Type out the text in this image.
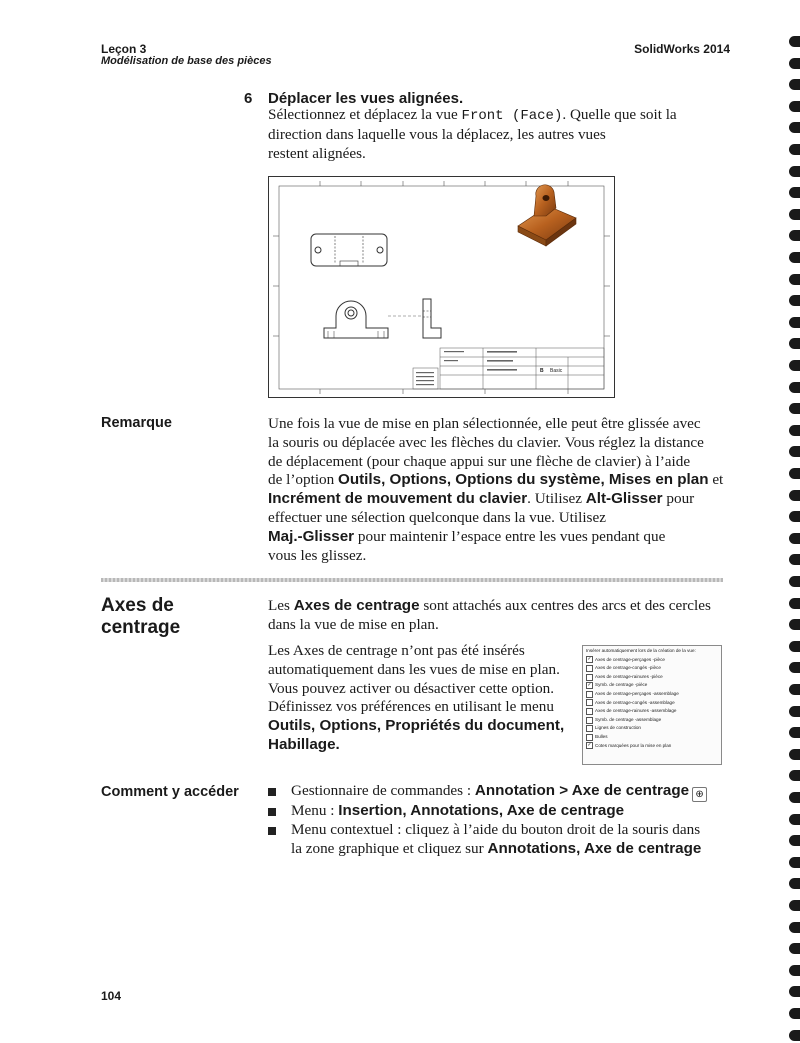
Leçon 3
Modélisation de base des pièces
SolidWorks 2014
6 Déplacer les vues alignées.
Sélectionnez et déplacez la vue Front (Face). Quelle que soit la
direction dans laquelle vous la déplacez, les autres vues
restent alignées.
B Basic
Remarque	Une fois la vue de mise en plan sélectionnée, elle peut être glissée avec
la souris ou déplacée avec les flèches du clavier. Vous réglez la distance
de déplacement (pour chaque appui sur une flèche de clavier) à l’aide
de l’option Outils, Options, Options du système, Mises en plan et
Incrément de mouvement du clavier. Utilisez Alt-Glisser pour
effectuer une sélection quelconque dans la vue. Utilisez
Maj.-Glisser pour maintenir l’espace entre les vues pendant que
vous les glissez.
Axes de
centrage
Les Axes de centrage sont attachés aux centres des arcs et des cercles
dans la vue de mise en plan.
Les Axes de centrage n’ont pas été insérés
automatiquement dans les vues de mise en plan.
Vous pouvez activer ou désactiver cette option.
Définissez vos préférences en utilisant le menu
Outils, Options, Propriétés du document,
Habillage.
Insérer automatiquement lors de la création de la vue:
✓ Axes de centrage-perçages -pièce
Axes de centrage-congés -pièce
Axes de centrage-rainures -pièce
✓ Symb. de centrage -pièce
Axes de centrage-perçages -assemblage
Axes de centrage-congés -assemblage
Axes de centrage-rainures -assemblage
Symb. de centrage -assemblage
Lignes de construction
Bulles
✓ Cotes marquées pour la mise en plan
Comment y accéder	Gestionnaire de commandes : Annotation > Axe de centrage ⊕
Menu : Insertion, Annotations, Axe de centrage
Menu contextuel : cliquez à l’aide du bouton droit de la souris dans
la zone graphique et cliquez sur Annotations, Axe de centrage
104
